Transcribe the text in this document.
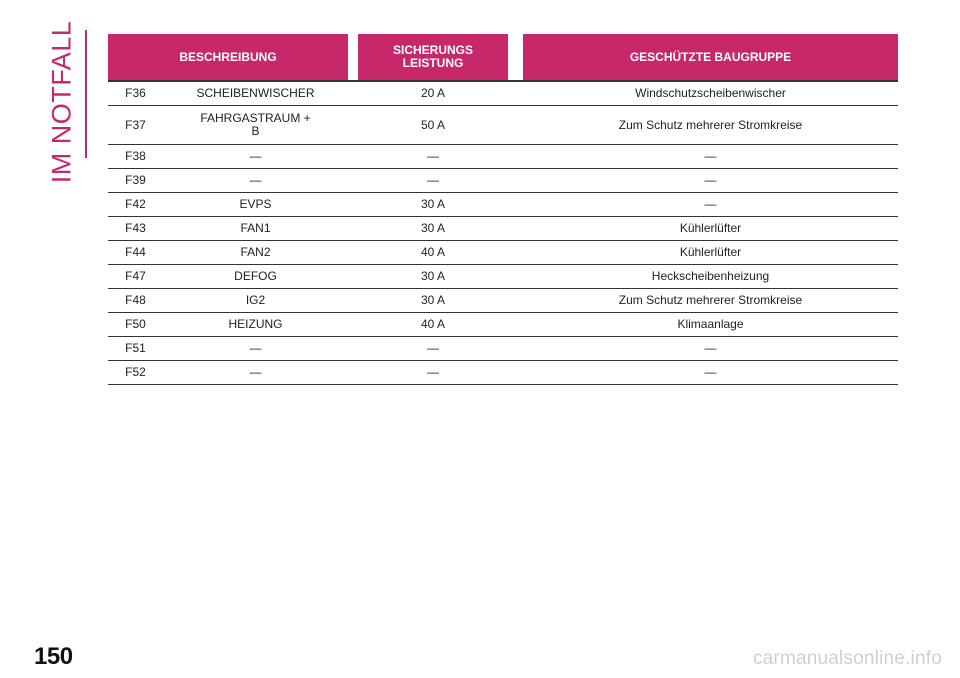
IM NOTFALL	BESCHREIBUNG			SICHERUNGS
LEISTUNG		GESCHÜTZTE BAUGRUPPE
F36	SCHEIBENWISCHER		20 A		Windschutzscheibenwischer
F37	FAHRGASTRAUM +
B		50 A		Zum Schutz mehrerer Stromkreise
F38	—		—		—
F39	—		—		—
F42	EVPS		30 A		—
F43	FAN1		30 A		Kühlerlüfter
F44	FAN2		40 A		Kühlerlüfter
F47	DEFOG		30 A		Heckscheibenheizung
F48	IG2		30 A		Zum Schutz mehrerer Stromkreise
F50	HEIZUNG		40 A		Klimaanlage
F51	—		—		—
F52	—		—		—
150	carmanualsonline.info
